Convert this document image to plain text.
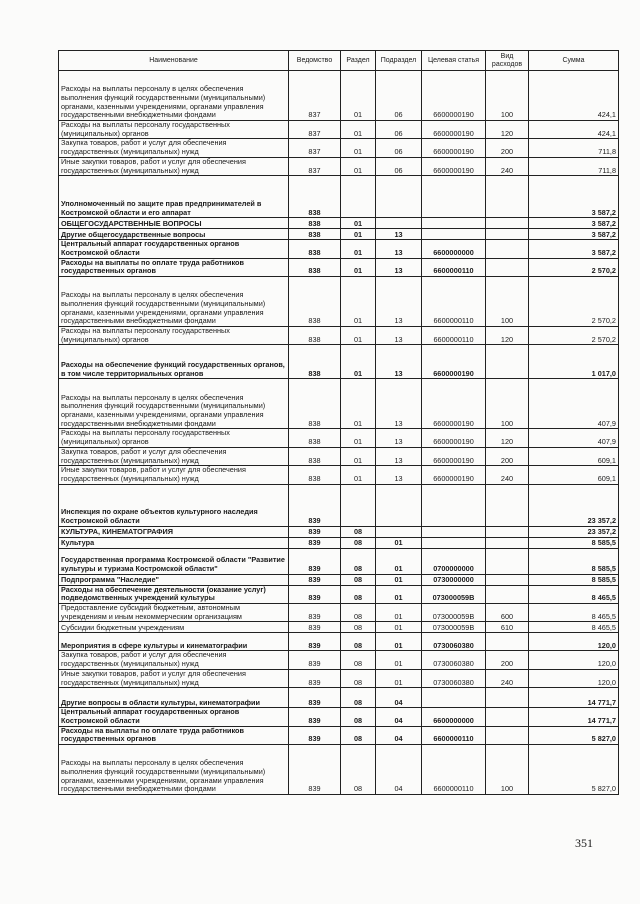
Наименование	Ведомство	Раздел	Подраздел	Целевая статья	Вид расходов	Сумма
Расходы на выплаты персоналу в целях обеспечения выполнения функций государственными (муниципальными) органами, казенными учреждениями, органами управления государственными внебюджетными фондами	837	01	06	6600000190	100	424,1
Расходы на выплаты персоналу государственных (муниципальных) органов	837	01	06	6600000190	120	424,1
Закупка товаров, работ и услуг для обеспечения государственных (муниципальных) нужд	837	01	06	6600000190	200	711,8
Иные закупки товаров, работ и услуг для обеспечения государственных (муниципальных) нужд	837	01	06	6600000190	240	711,8
Уполномоченный по защите прав предпринимателей в Костромской области и его аппарат	838					3 587,2
ОБЩЕГОСУДАРСТВЕННЫЕ ВОПРОСЫ	838	01				3 587,2
Другие общегосударственные вопросы	838	01	13			3 587,2
Центральный аппарат государственных органов Костромской области	838	01	13	6600000000		3 587,2
Расходы на выплаты по оплате труда работников государственных органов	838	01	13	6600000110		2 570,2
Расходы на выплаты персоналу в целях обеспечения выполнения функций государственными (муниципальными) органами, казенными учреждениями, органами управления государственными внебюджетными фондами	838	01	13	6600000110	100	2 570,2
Расходы на выплаты персоналу государственных (муниципальных) органов	838	01	13	6600000110	120	2 570,2
Расходы на обеспечение функций государственных органов, в том числе территориальных органов	838	01	13	6600000190		1 017,0
Расходы на выплаты персоналу в целях обеспечения выполнения функций государственными (муниципальными) органами, казенными учреждениями, органами управления государственными внебюджетными фондами	838	01	13	6600000190	100	407,9
Расходы на выплаты персоналу государственных (муниципальных) органов	838	01	13	6600000190	120	407,9
Закупка товаров, работ и услуг для обеспечения государственных (муниципальных) нужд	838	01	13	6600000190	200	609,1
Иные закупки товаров, работ и услуг для обеспечения государственных (муниципальных) нужд	838	01	13	6600000190	240	609,1
Инспекция по охране объектов культурного наследия Костромской области	839					23 357,2
КУЛЬТУРА, КИНЕМАТОГРАФИЯ	839	08				23 357,2
Культура	839	08	01			8 585,5
Государственная программа Костромской области "Развитие культуры и туризма Костромской области"	839	08	01	0700000000		8 585,5
Подпрограмма "Наследие"	839	08	01	0730000000		8 585,5
Расходы на обеспечение деятельности (оказание услуг) подведомственных учреждений культуры	839	08	01	073000059В		8 465,5
Предоставление субсидий бюджетным, автономным учреждениям и иным некоммерческим организациям	839	08	01	073000059В	600	8 465,5
Субсидии бюджетным учреждениям	839	08	01	073000059В	610	8 465,5
Мероприятия в сфере культуры и кинематографии	839	08	01	0730060380		120,0
Закупка товаров, работ и услуг для обеспечения государственных (муниципальных) нужд	839	08	01	0730060380	200	120,0
Иные закупки товаров, работ и услуг для обеспечения государственных (муниципальных) нужд	839	08	01	0730060380	240	120,0
Другие вопросы в области культуры, кинематографии	839	08	04			14 771,7
Центральный аппарат государственных органов Костромской области	839	08	04	6600000000		14 771,7
Расходы на выплаты по оплате труда работников государственных органов	839	08	04	6600000110		5 827,0
Расходы на выплаты персоналу в целях обеспечения выполнения функций государственными (муниципальными) органами, казенными учреждениями, органами управления государственными внебюджетными фондами	839	08	04	6600000110	100	5 827,0
351
